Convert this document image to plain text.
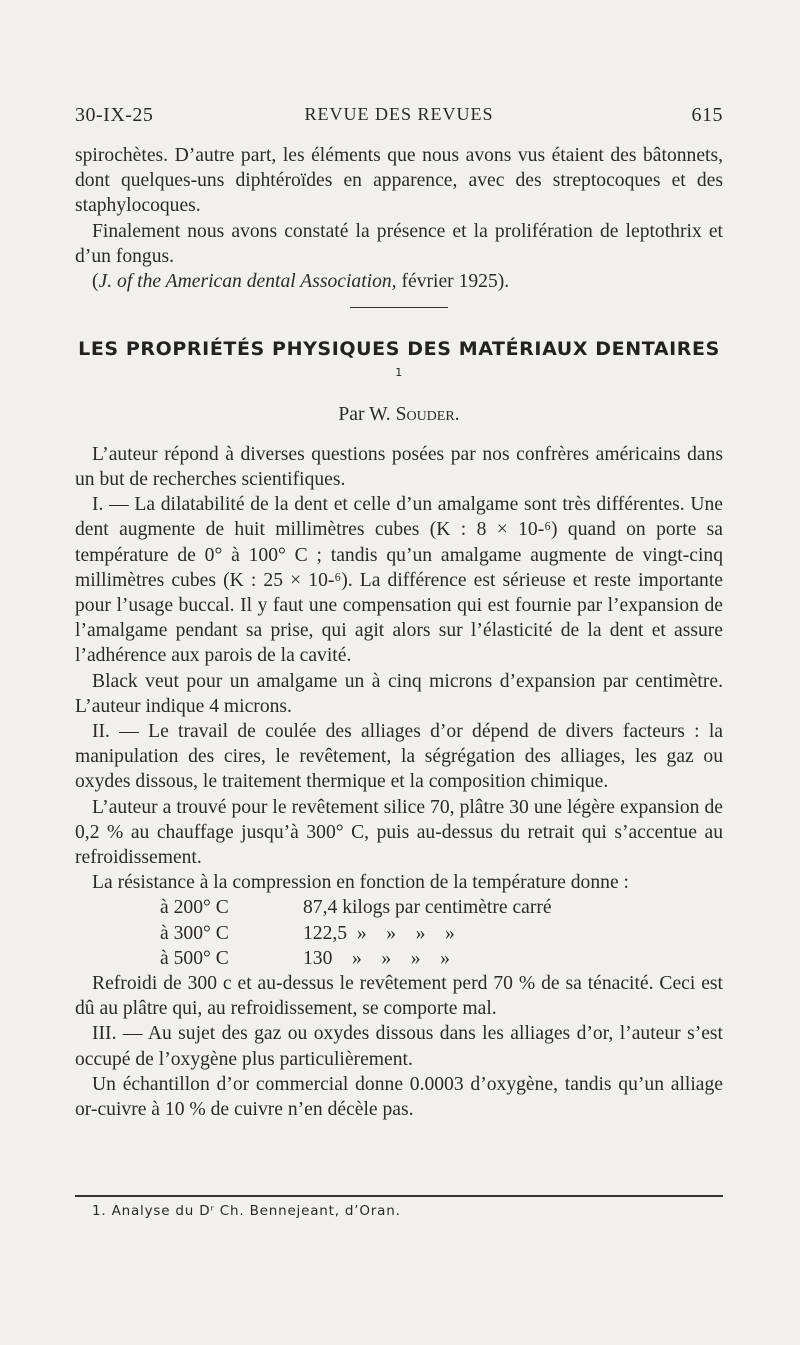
30-IX-25	REVUE DES REVUES	615

spirochètes. D’autre part, les éléments que nous avons vus étaient des bâtonnets, dont quelques-uns diphtéroïdes en apparence, avec des streptocoques et des staphylocoques.

Finalement nous avons constaté la présence et la prolifération de leptothrix et d’un fongus.

(J. of the American dental Association, février 1925).

LES PROPRIÉTÉS PHYSIQUES DES MATÉRIAUX DENTAIRES $^1$
Par W. Souder.

L’auteur répond à diverses questions posées par nos confrères américains dans un but de recherches scientifiques.

I. — La dilatabilité de la dent et celle d’un amalgame sont très différentes. Une dent augmente de huit millimètres cubes (K : 8 × 10-⁶) quand on porte sa température de 0° à 100° C ; tandis qu’un amalgame augmente de vingt-cinq millimètres cubes (K : 25 × 10-⁶). La différence est sérieuse et reste importante pour l’usage buccal. Il y faut une compensation qui est fournie par l’expansion de l’amalgame pendant sa prise, qui agit alors sur l’élasticité de la dent et assure l’adhérence aux parois de la cavité.

Black veut pour un amalgame un à cinq microns d’expansion par centimètre. L’auteur indique 4 microns.

II. — Le travail de coulée des alliages d’or dépend de divers facteurs : la manipulation des cires, le revêtement, la ségrégation des alliages, les gaz ou oxydes dissous, le traitement thermique et la composition chimique.

L’auteur a trouvé pour le revêtement silice 70, plâtre 30 une légère expansion de 0,2 % au chauffage jusqu’à 300° C, puis au-dessus du retrait qui s’accentue au refroidissement.

La résistance à la compression en fonction de la température donne :

à 200° C	87,4 kilogs par centimètre carré
à 300° C	122,5  »    »    »    »
à 500° C	130    »    »    »    »

Refroidi de 300 c et au-dessus le revêtement perd 70 % de sa ténacité. Ceci est dû au plâtre qui, au refroidissement, se comporte mal.

III. — Au sujet des gaz ou oxydes dissous dans les alliages d’or, l’auteur s’est occupé de l’oxygène plus particulièrement.

Un échantillon d’or commercial donne 0.0003 d’oxygène, tandis qu’un alliage or-cuivre à 10 % de cuivre n’en décèle pas.

1. Analyse du Dʳ Ch. Bennejeant, d’Oran.
